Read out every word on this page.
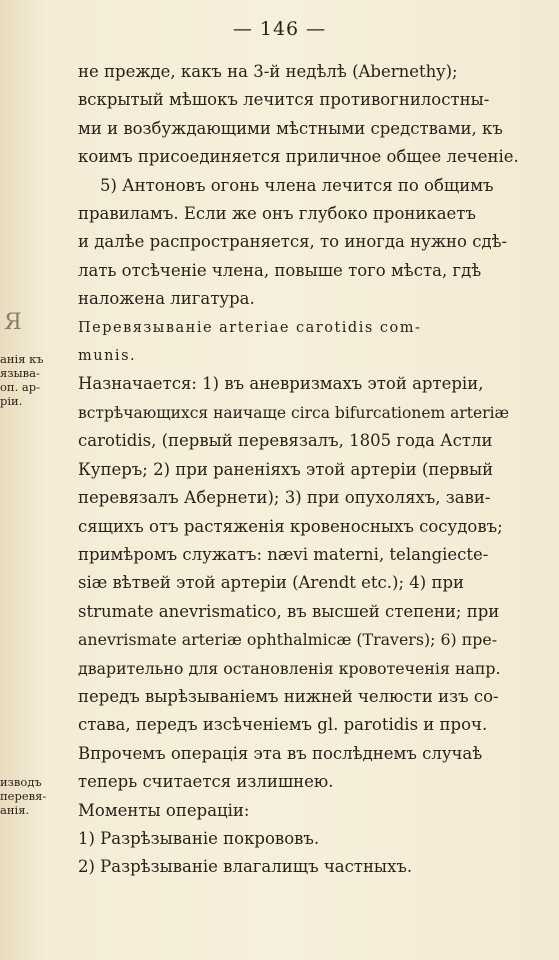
— 146 —
Я
анія къ
языва-
оп. ар-
ріи.
изводъ
перевя-
анія.
не прежде, какъ на 3-й недѣлѣ (Abernethy);
вскрытый мѣшокъ лечится противогнилостны-
ми и возбуждающими мѣстными средствами, къ
коимъ присоединяется приличное общее леченіе.
5) Антоновъ огонь члена лечится по общимъ
правиламъ. Если же онъ глубоко проникаетъ
и далѣе распространяется, то иногда нужно сдѣ-
лать отсѣченіе члена, повыше того мѣста, гдѣ
наложена лигатура.
Перевязываніе arteriae carotidis com-
munis.
Назначается: 1) въ аневризмахъ этой артеріи,
встрѣчающихся наичаще circa bifurcationem arteriæ
carotidis, (первый перевязалъ, 1805 года Астли
Куперъ; 2) при раненіяхъ этой артеріи (первый
перевязалъ Абернети); 3) при опухоляхъ, зави-
сящихъ отъ растяженія кровеносныхъ сосудовъ;
примѣромъ служатъ: nævi materni, telangiecte-
siæ вѣтвей этой артеріи (Arendt etc.); 4) при
strumate anevrismatico, въ высшей степени; при
anevrismate arteriæ ophthalmicæ (Travers); 6) пре-
дварительно для остановленія кровотеченія напр.
передъ вырѣзываніемъ нижней челюсти изъ со-
става, передъ изсѣченіемъ gl. parotidis и проч.
Впрочемъ операція эта въ послѣднемъ случаѣ
теперь считается излишнею.
Моменты операціи:
1) Разрѣзываніе покрововъ.
2) Разрѣзываніе влагалищъ частныхъ.
